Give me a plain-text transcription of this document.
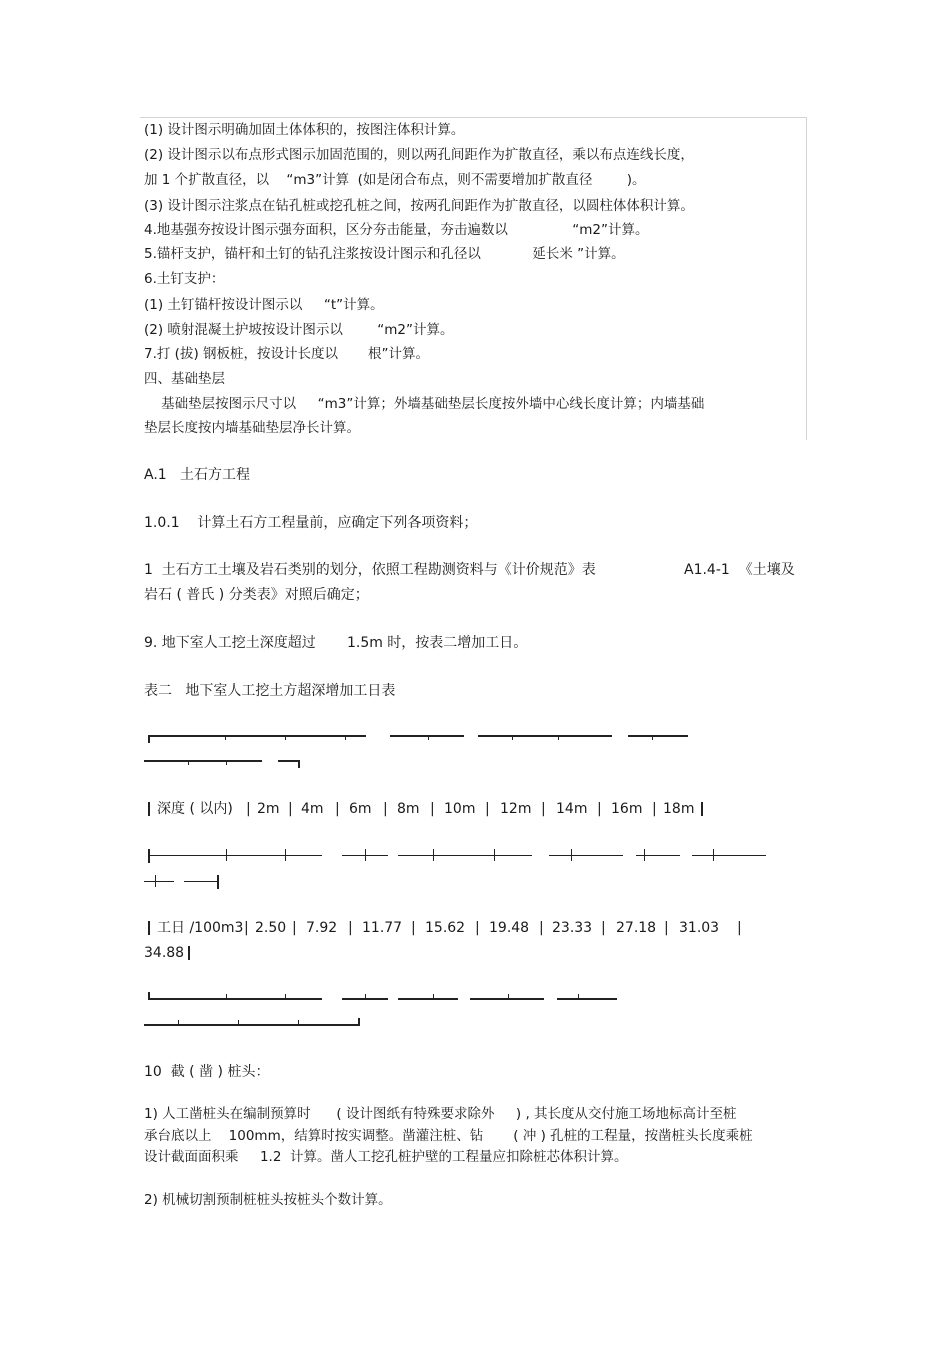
(1) 设计图示明确加固土体体积的，按图注体积计算。
(2) 设计图示以布点形式图示加固范围的，则以两孔间距作为扩散直径，乘以布点连线长度，
加 1 个扩散直径，以    “m3”计算  (如是闭合布点，则不需要增加扩散直径        )。
(3) 设计图示注浆点在钻孔桩或挖孔桩之间，按两孔间距作为扩散直径，以圆柱体体积计算。
4.地基强夯按设计图示强夯面积，区分夯击能量，夯击遍数以               “m2”计算。
5.锚杆支护，锚杆和土钉的钻孔注浆按设计图示和孔径以            延长米 ”计算。
6.土钉支护：
(1) 土钉锚杆按设计图示以     “t”计算。
(2) 喷射混凝土护坡按设计图示以        “m2”计算。
7.打 (拔) 钢板桩，按设计长度以       根”计算。
四、基础垫层
基础垫层按图示尺寸以     “m3”计算；外墙基础垫层长度按外墙中心线长度计算；内墙基础
垫层长度按内墙基础垫层净长计算。
A.1   土石方工程
1.0.1    计算土石方工程量前，应确定下列各项资料；
1  土石方工土壤及岩石类别的划分，依照工程勘测资料与《计价规范》表	A1.4-1  《土壤及
岩石 ( 普氏 ) 分类表》对照后确定；
9. 地下室人工挖土深度超过       1.5m 时，按表二增加工日。
表二   地下室人工挖土方超深增加工日表
深度 ( 以内) | 2m | 4m | 6m | 8m | 10m | 12m | 14m | 16m | 18m
工日 /100m3 | 2.50 | 7.92 | 11.77 | 15.62 | 19.48 | 23.33 | 27.18 | 31.03 |
34.88
10  截 ( 凿 ) 桩头：
1) 人工凿桩头在编制预算时      ( 设计图纸有特殊要求除外     ) , 其长度从交付施工场地标高计至桩
承台底以上    100mm，结算时按实调整。凿灌注桩、钻       ( 冲 ) 孔桩的工程量，按凿桩头长度乘桩
设计截面面积乘     1.2  计算。凿人工挖孔桩护壁的工程量应扣除桩芯体积计算。
2) 机械切割预制桩桩头按桩头个数计算。
